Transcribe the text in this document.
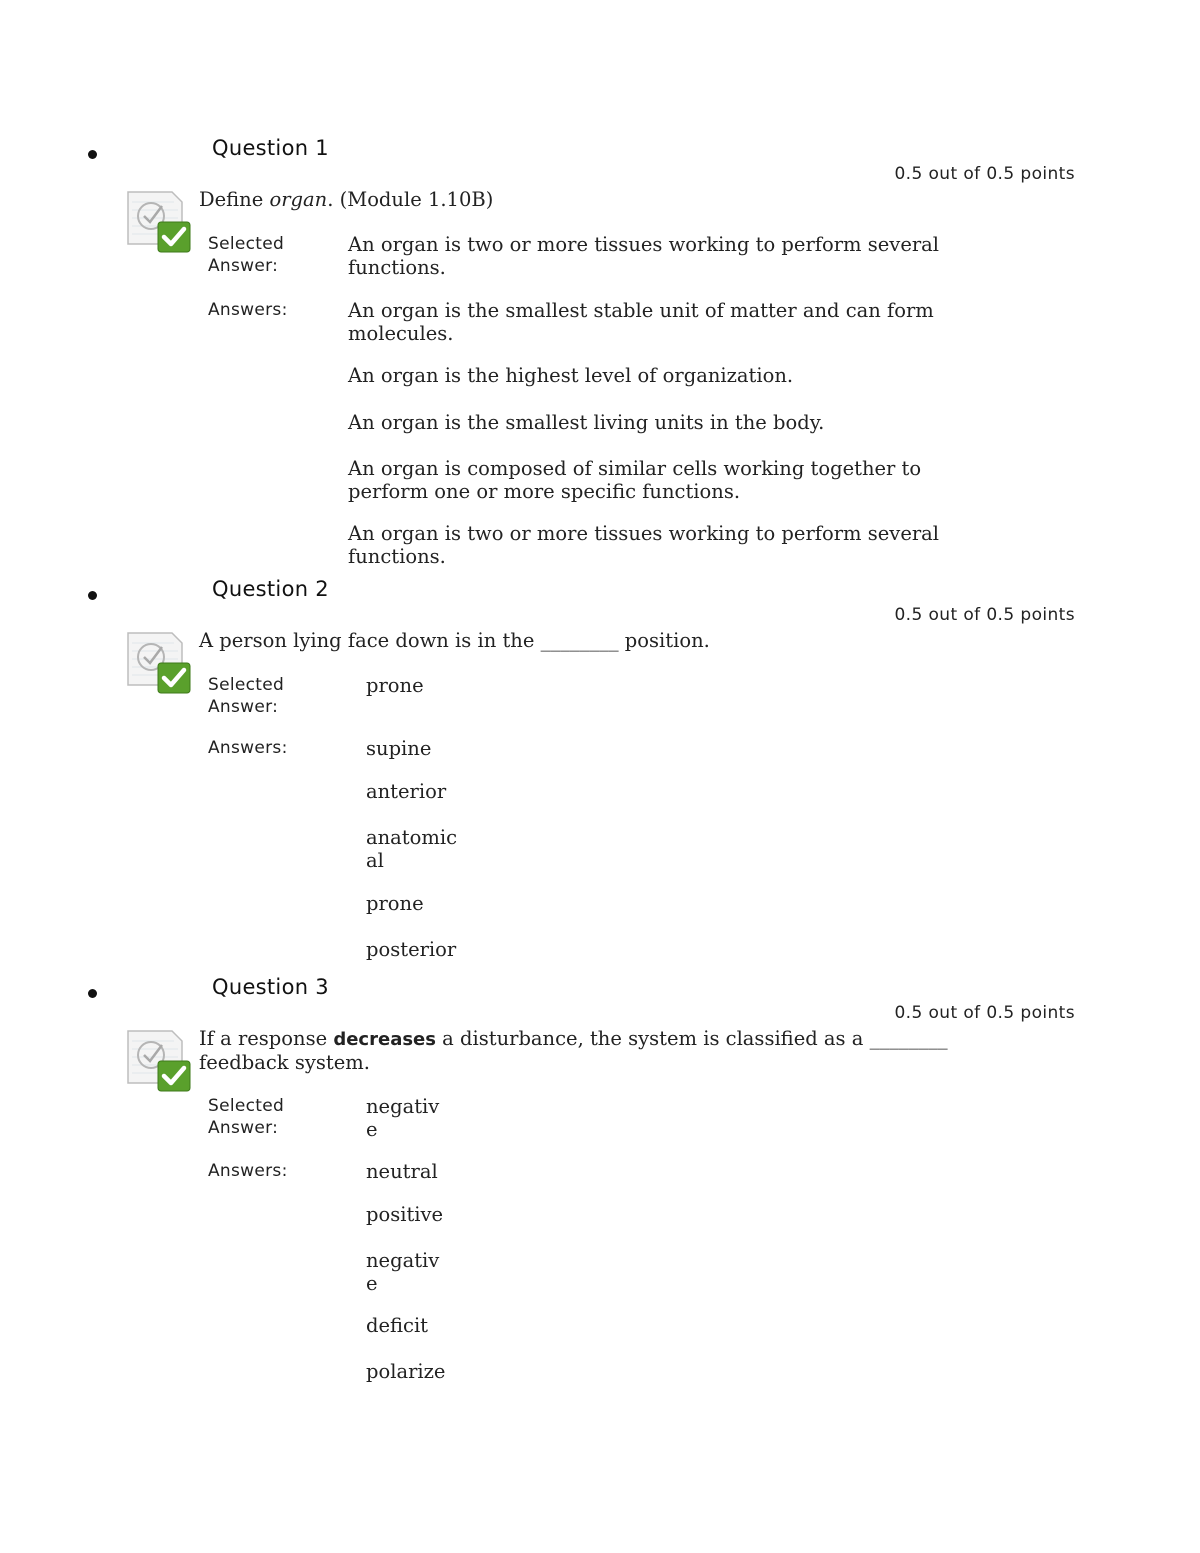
Question 1
0.5 out of 0.5 points
Define organ. (Module 1.10B)
Selected
Answer:
An organ is two or more tissues working to perform several functions.
Answers:	An organ is the smallest stable unit of matter and can form molecules.
An organ is the highest level of organization.
An organ is the smallest living units in the body.
An organ is composed of similar cells working together to perform one or more specific functions.
An organ is two or more tissues working to perform several functions.
Question 2
0.5 out of 0.5 points
A person lying face down is in the ________ position.
Selected
Answer:
prone
Answers:	supine
anterior
anatomical
prone
posterior
Question 3
0.5 out of 0.5 points
If a response decreases a disturbance, the system is classified as a ________ feedback system.
Selected
Answer:
negative
Answers:	neutral
positive
negative
deficit
polarize
